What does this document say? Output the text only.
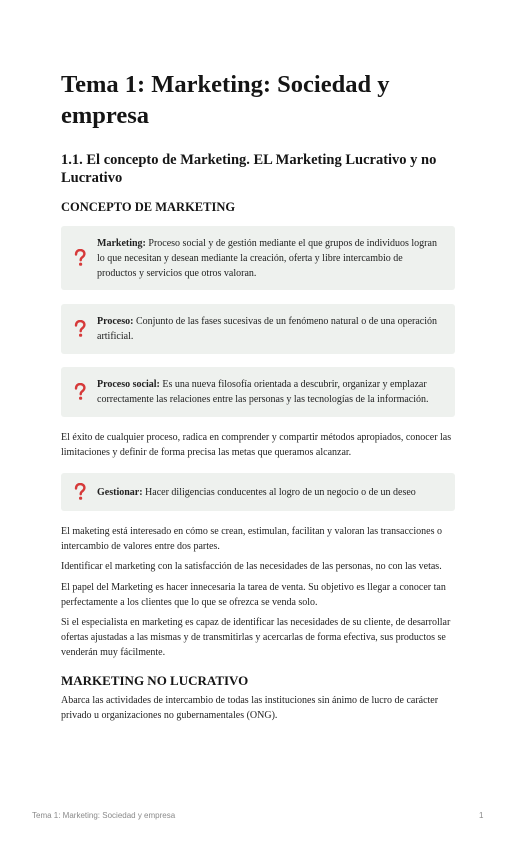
Tema 1: Marketing: Sociedad y empresa
1.1. El concepto de Marketing. EL Marketing Lucrativo y no Lucrativo
CONCEPTO DE MARKETING
Marketing: Proceso social y de gestión mediante el que grupos de individuos logran lo que necesitan y desean mediante la creación, oferta y libre intercambio de productos y servicios que otros valoran.
Proceso: Conjunto de las fases sucesivas de un fenómeno natural o de una operación artificial.
Proceso social: Es una nueva filosofía orientada a descubrir, organizar y emplazar correctamente las relaciones entre las personas y las tecnologías de la información.

El éxito de cualquier proceso, radica en comprender y compartir métodos apropiados, conocer las limitaciones y definir de forma precisa las metas que queramos alcanzar.

Gestionar: Hacer diligencias conducentes al logro de un negocio o de un deseo

El maketing está interesado en cómo se crean, estimulan, facilitan y valoran las transacciones o intercambio de valores entre dos partes.

Identificar el marketing con la satisfacción de las necesidades de las personas, no con las vetas.

El papel del Marketing es hacer innecesaria la tarea de venta. Su objetivo es llegar a conocer tan perfectamente a los clientes que lo que se ofrezca se venda solo.

Si el especialista en marketing es capaz de identificar las necesidades de su cliente, de desarrollar ofertas ajustadas a las mismas y de transmitirlas y acercarlas de forma efectiva, sus productos se venderán muy fácilmente.

MARKETING NO LUCRATIVO

Abarca las actividades de intercambio de todas las instituciones sin ánimo de lucro de carácter privado u organizaciones no gubernamentales (ONG).

Tema 1: Marketing: Sociedad y empresa	1
